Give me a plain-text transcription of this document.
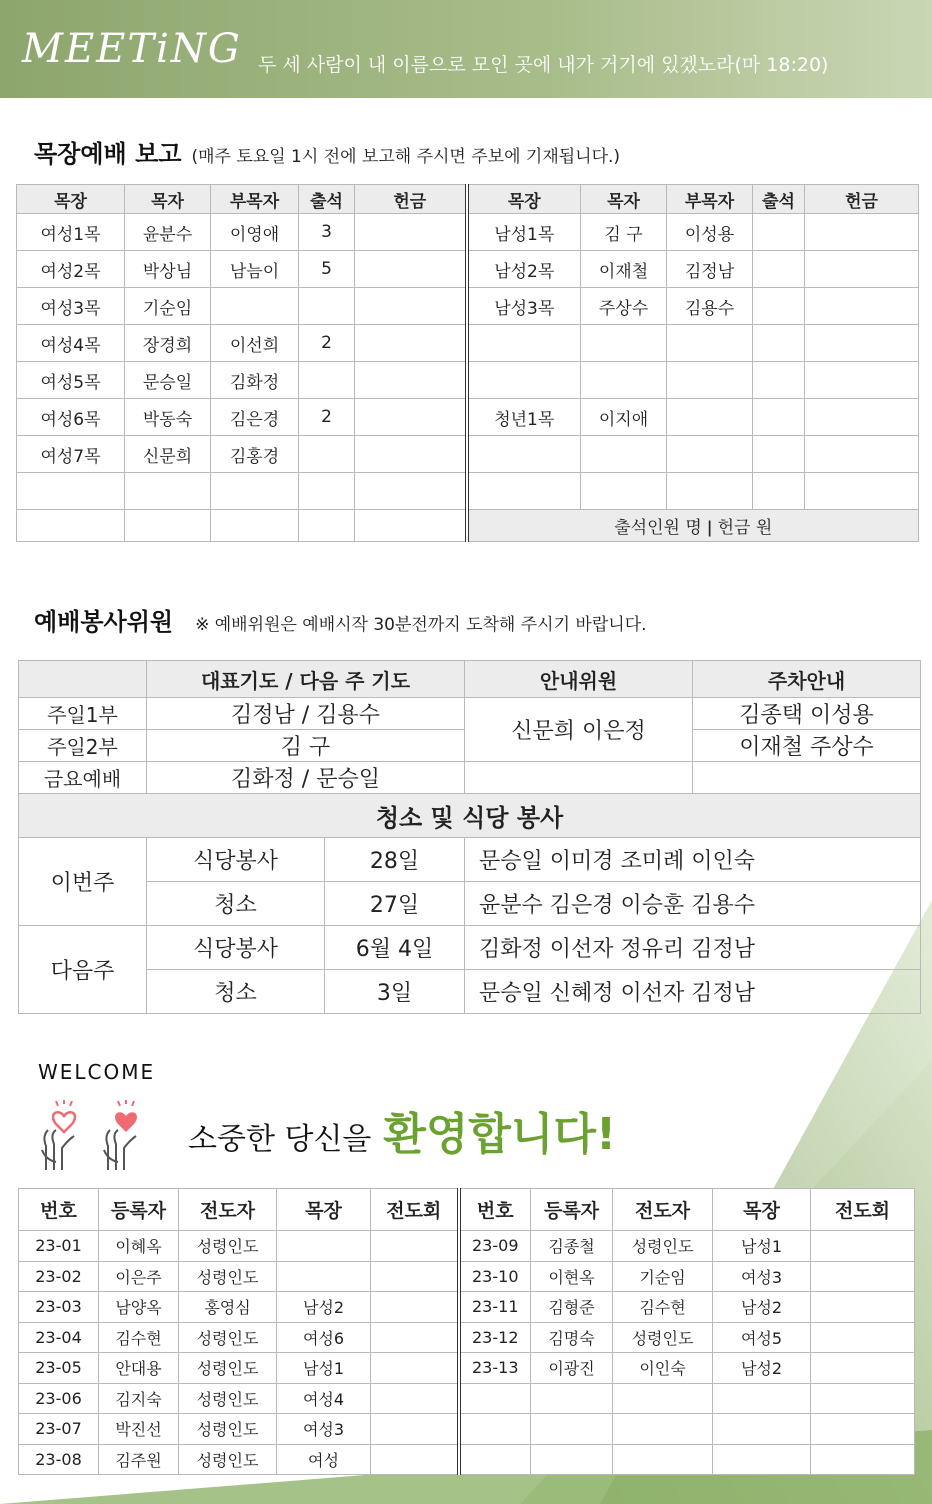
MEETiNG 두 세 사람이 내 이름으로 모인 곳에 내가 거기에 있겠노라(마 18:20)
목장예배 보고 (매주 토요일 1시 전에 보고해 주시면 주보에 기재됩니다.)
목장	목자	부목자	출석	헌금	목장	목자	부목자	출석	헌금
여성1목	윤분수	이영애	3		남성1목	김 구	이성용		
여성2목	박상님	남늠이	5		남성2목	이재철	김정남		
여성3목	기순임				남성3목	주상수	김용수		
여성4목	장경희	이선희	2						
여성5목	문승일	김화정							
여성6목	박동숙	김은경	2		청년1목	이지애			
여성7목	신문희	김홍경							

					출석인원 명 ǀ 헌금 원				
예배봉사위원 ※ 예배위원은 예배시작 30분전까지 도착해 주시기 바랍니다.
	대표기도 / 다음 주 기도		안내위원	주차안내
주일1부	김정남 / 김용수		신문희 이은정	김종택 이성용
주일2부	김 구			이재철 주상수
금요예배	김화정 / 문승일			
청소 및 식당 봉사				
이번주	식당봉사	28일	문승일 이미경 조미례 이인숙	
	청소	27일	윤분수 김은경 이승훈 김용수	
다음주	식당봉사	6월 4일	김화정 이선자 정유리 김정남	
	청소	3일	문승일 신혜정 이선자 김정남	
WELCOME
소중한 당신을 환영합니다!
번호	등록자	전도자	목장	전도회	번호	등록자	전도자	목장	전도회
23-01	이혜옥	성령인도			23-09	김종철	성령인도	남성1	
23-02	이은주	성령인도			23-10	이현옥	기순임	여성3	
23-03	남양옥	홍영심	남성2		23-11	김형준	김수현	남성2	
23-04	김수현	성령인도	여성6		23-12	김명숙	성령인도	여성5	
23-05	안대용	성령인도	남성1		23-13	이광진	이인숙	남성2	
23-06	김지숙	성령인도	여성4						
23-07	박진선	성령인도	여성3						
23-08	김주원	성령인도	여성						
